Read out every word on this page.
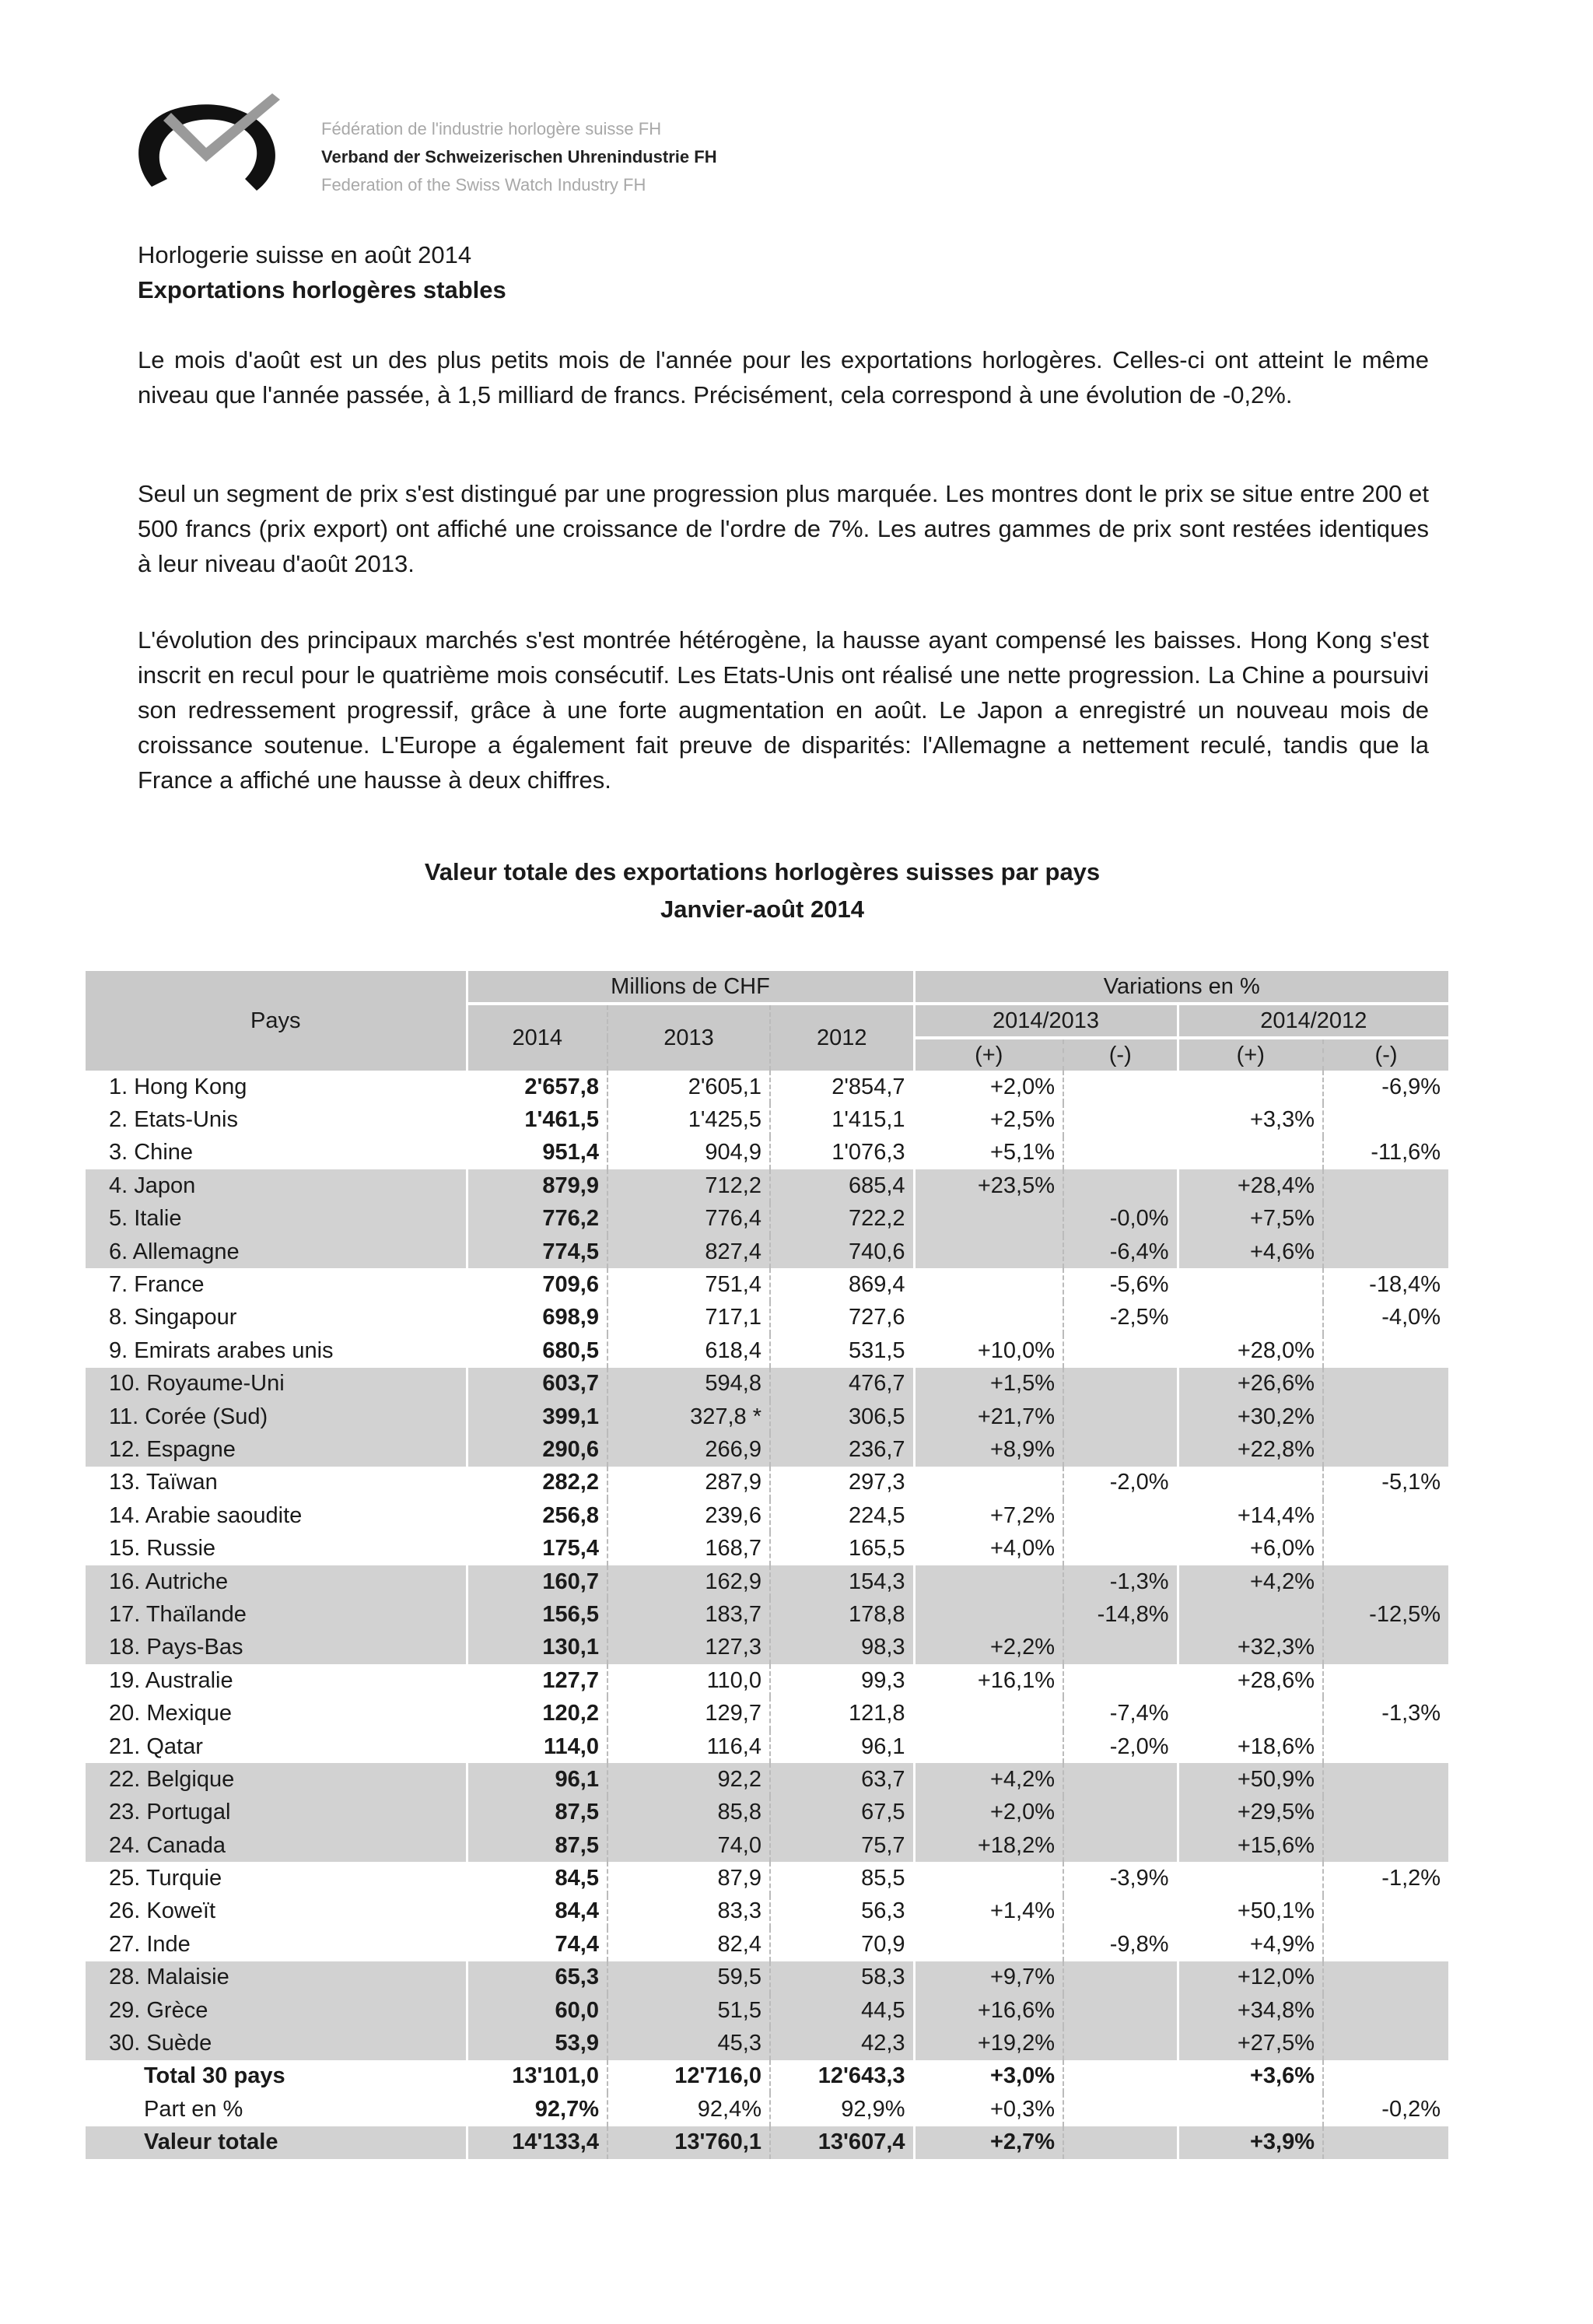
Fédération de l'industrie horlogère suisse FH
Verband der Schweizerischen Uhrenindustrie FH
Federation of the Swiss Watch Industry FH
Horlogerie suisse en août 2014
Exportations horlogères stables
Le mois d'août est un des plus petits mois de l'année pour les exportations horlogères. Celles-ci ont atteint le même niveau que l'année passée, à 1,5 milliard de francs. Précisément, cela correspond à une évolution de -0,2%.
Seul un segment de prix s'est distingué par une progression plus marquée. Les montres dont le prix se situe entre 200 et 500 francs (prix export) ont affiché une croissance de l'ordre de 7%. Les autres gammes de prix sont restées identiques à leur niveau d'août 2013.
L'évolution des principaux marchés s'est montrée hétérogène, la hausse ayant compensé les baisses. Hong Kong s'est inscrit en recul pour le quatrième mois consécutif. Les Etats-Unis ont réalisé une nette progression. La Chine a poursuivi son redressement progressif, grâce à une forte augmentation en août. Le Japon a enregistré un nouveau mois de croissance soutenue. L'Europe a également fait preuve de disparités: l'Allemagne a nettement reculé, tandis que la France a affiché une hausse à deux chiffres.
Valeur totale des exportations horlogères suisses par pays
Janvier-août 2014
Pays	Millions de CHF			Variations en %			
	2014	2013	2012	2014/2013		2014/2012	
				(+)	(-)	(+)	(-)
1. Hong Kong	2'657,8	2'605,1	2'854,7	+2,0%			-6,9%
2. Etats-Unis	1'461,5	1'425,5	1'415,1	+2,5%		+3,3%	
3. Chine	951,4	904,9	1'076,3	+5,1%			-11,6%
4. Japon	879,9	712,2	685,4	+23,5%		+28,4%	
5. Italie	776,2	776,4	722,2		-0,0%	+7,5%	
6. Allemagne	774,5	827,4	740,6		-6,4%	+4,6%	
7. France	709,6	751,4	869,4		-5,6%		-18,4%
8. Singapour	698,9	717,1	727,6		-2,5%		-4,0%
9. Emirats arabes unis	680,5	618,4	531,5	+10,0%		+28,0%	
10. Royaume-Uni	603,7	594,8	476,7	+1,5%		+26,6%	
11. Corée (Sud)	399,1	327,8 *	306,5	+21,7%		+30,2%	
12. Espagne	290,6	266,9	236,7	+8,9%		+22,8%	
13. Taïwan	282,2	287,9	297,3		-2,0%		-5,1%
14. Arabie saoudite	256,8	239,6	224,5	+7,2%		+14,4%	
15. Russie	175,4	168,7	165,5	+4,0%		+6,0%	
16. Autriche	160,7	162,9	154,3		-1,3%	+4,2%	
17. Thaïlande	156,5	183,7	178,8		-14,8%		-12,5%
18. Pays-Bas	130,1	127,3	98,3	+2,2%		+32,3%	
19. Australie	127,7	110,0	99,3	+16,1%		+28,6%	
20. Mexique	120,2	129,7	121,8		-7,4%		-1,3%
21. Qatar	114,0	116,4	96,1		-2,0%	+18,6%	
22. Belgique	96,1	92,2	63,7	+4,2%		+50,9%	
23. Portugal	87,5	85,8	67,5	+2,0%		+29,5%	
24. Canada	87,5	74,0	75,7	+18,2%		+15,6%	
25. Turquie	84,5	87,9	85,5		-3,9%		-1,2%
26. Koweït	84,4	83,3	56,3	+1,4%		+50,1%	
27. Inde	74,4	82,4	70,9		-9,8%	+4,9%	
28. Malaisie	65,3	59,5	58,3	+9,7%		+12,0%	
29. Grèce	60,0	51,5	44,5	+16,6%		+34,8%	
30. Suède	53,9	45,3	42,3	+19,2%		+27,5%	
Total 30 pays	13'101,0	12'716,0	12'643,3	+3,0%		+3,6%	
Part en %	92,7%	92,4%	92,9%	+0,3%			-0,2%
Valeur totale	14'133,4	13'760,1	13'607,4	+2,7%		+3,9%	
